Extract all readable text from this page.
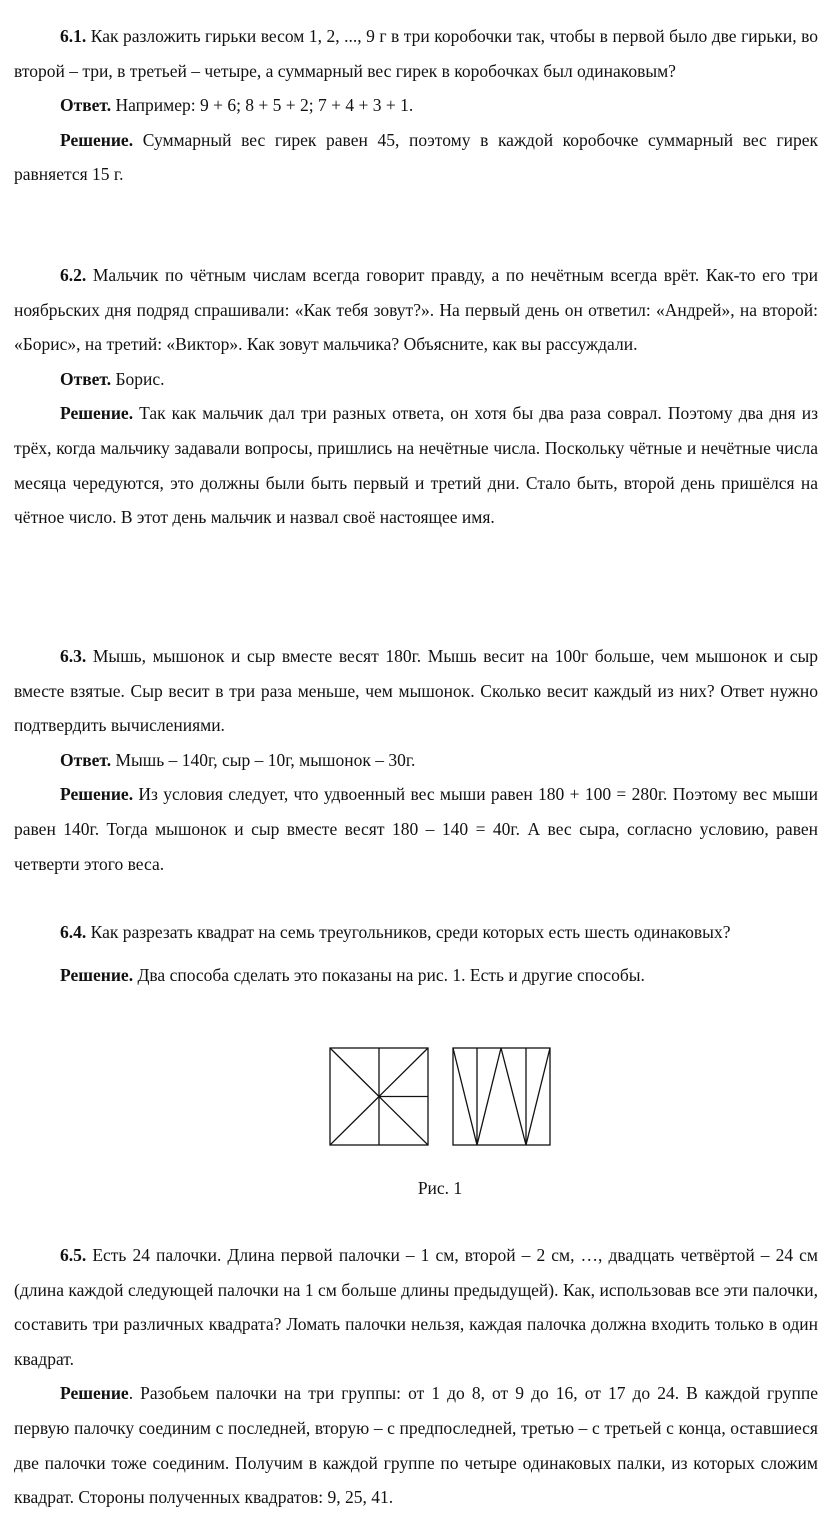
6.1. Как разложить гирьки весом 1, 2, ..., 9 г в три коробочки так, чтобы в первой было две гирьки, во второй – три, в третьей – четыре, а суммарный вес гирек в коробочках был одинаковым?

Ответ. Например: 9 + 6; 8 + 5 + 2; 7 + 4 + 3 + 1.

Решение. Суммарный вес гирек равен 45, поэтому в каждой коробочке суммарный вес гирек равняется 15 г.

6.2. Мальчик по чётным числам всегда говорит правду, а по нечётным всегда врёт. Как-то его три ноябрьских дня подряд спрашивали: «Как тебя зовут?». На первый день он ответил: «Андрей», на второй: «Борис», на третий: «Виктор». Как зовут мальчика? Объясните, как вы рассуждали.

Ответ. Борис.

Решение. Так как мальчик дал три разных ответа, он хотя бы два раза соврал. Поэтому два дня из трёх, когда мальчику задавали вопросы, пришлись на нечётные числа. Поскольку чётные и нечётные числа месяца чередуются, это должны были быть первый и третий дни. Стало быть, второй день пришёлся на чётное число. В этот день мальчик и назвал своё настоящее имя.

6.3. Мышь, мышонок и сыр вместе весят 180г. Мышь весит на 100г больше, чем мышонок и сыр вместе взятые. Сыр весит в три раза меньше, чем мышонок. Сколько весит каждый из них? Ответ нужно подтвердить вычислениями.

Ответ. Мышь – 140г, сыр – 10г, мышонок – 30г.

Решение. Из условия следует, что удвоенный вес мыши равен 180 + 100 = 280г. Поэтому вес мыши равен 140г. Тогда мышонок и сыр вместе весят 180 – 140 = 40г. А вес сыра, согласно условию, равен четверти этого веса.

6.4. Как разрезать квадрат на семь треугольников, среди которых есть шесть одинаковых?

Решение. Два способа сделать это показаны на рис. 1. Есть и другие способы.

Рис. 1

6.5. Есть 24 палочки. Длина первой палочки – 1 см, второй – 2 см, …, двадцать четвёртой – 24 см (длина каждой следующей палочки на 1 см больше длины предыдущей). Как, использовав все эти палочки, составить три различных квадрата? Ломать палочки нельзя, каждая палочка должна входить только в один квадрат.

Решение. Разобьем палочки на три группы: от 1 до 8, от 9 до 16, от 17 до 24. В каждой группе первую палочку соединим с последней, вторую – с предпоследней, третью – с третьей с конца, оставшиеся две палочки тоже соединим. Получим в каждой группе по четыре одинаковых палки, из которых сложим квадрат. Стороны полученных квадратов: 9, 25, 41.
